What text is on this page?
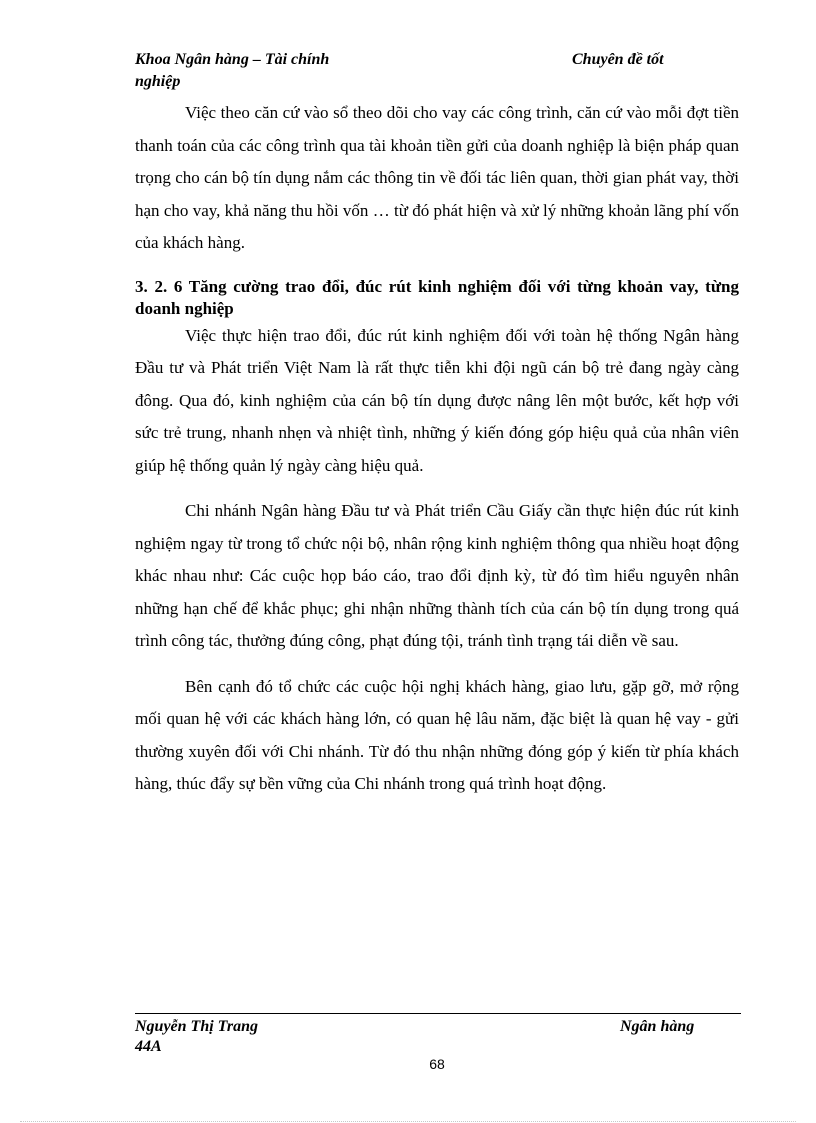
Khoa Ngân hàng – Tài chính	Chuyên đề tốt
nghiệp

Việc theo căn cứ vào sổ theo dõi cho vay các công trình, căn cứ vào mỗi đợt tiền thanh toán của các công trình qua tài khoản tiền gửi của doanh nghiệp là biện pháp quan trọng cho cán bộ tín dụng nắm các thông tin về đối tác liên quan, thời gian phát vay, thời hạn cho vay, khả năng thu hồi vốn … từ đó phát hiện và xử lý những khoản lãng phí vốn của khách hàng.

3. 2. 6 Tăng cường trao đổi, đúc rút kinh nghiệm đối với từng khoản vay, từng doanh nghiệp

Việc thực hiện trao đổi, đúc rút kinh nghiệm đối với toàn hệ thống Ngân hàng Đầu tư và Phát triển Việt Nam là rất thực tiễn khi đội ngũ cán bộ trẻ đang ngày càng đông. Qua đó, kinh nghiệm của cán bộ tín dụng được nâng lên một bước, kết hợp với sức trẻ trung, nhanh nhẹn và nhiệt tình, những ý kiến đóng góp hiệu quả của nhân viên giúp hệ thống quản lý ngày càng hiệu quả.

Chi nhánh Ngân hàng Đầu tư và Phát triển Cầu Giấy cần thực hiện đúc rút kinh nghiệm ngay từ trong tổ chức nội bộ, nhân rộng kinh nghiệm thông qua nhiều hoạt động khác nhau như: Các cuộc họp báo cáo, trao đổi định kỳ, từ đó tìm hiểu nguyên nhân những hạn chế để khắc phục; ghi nhận những thành tích của cán bộ tín dụng trong quá trình công tác, thưởng đúng công, phạt đúng tội, tránh tình trạng tái diễn về sau.

Bên cạnh đó tổ chức các cuộc hội nghị khách hàng, giao lưu, gặp gỡ, mở rộng mối quan hệ với các khách hàng lớn, có quan hệ lâu năm, đặc biệt là quan hệ vay - gửi thường xuyên đối với Chi nhánh. Từ đó thu nhận những đóng góp ý kiến từ phía khách hàng, thúc đẩy sự bền vững của Chi nhánh trong quá trình hoạt động.

Nguyễn Thị Trang	Ngân hàng
44A
68
